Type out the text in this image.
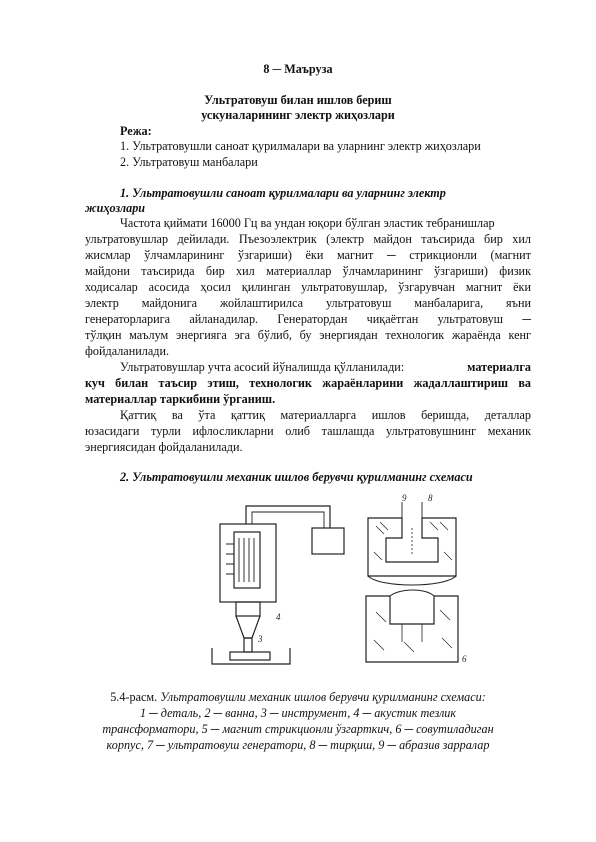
8 ─ Маъруза
Ультратовуш билан ишлов бериш
ускуналарининг электр жиҳозлари
Режа:
1. Ультратовушли саноат қурилмалари ва уларнинг электр жиҳозлари
2. Ультратовуш манбалари
1. Ультратовушли саноат қурилмалари ва уларнинг электр
жиҳозлари
Частота қиймати 16000 Гц ва ундан юқори бўлган эластик тебранишлар
ультратовушлар дейилади. Пъезоэлектрик (электр майдон таъсирида бир хил
жисмлар ўлчамларининг ўзгариши) ёки магнит ─ стрикционли (магнит
майдони таъсирида бир хил материаллар ўлчамларининг ўзгариши) физик
ходисалар асосида ҳосил қилинган ультратовушлар, ўзгарувчан магнит ёки
электр майдонига жойлаштирилса ультратовуш манбаларига, яъни
генераторларига айланадилар. Генератордан чиқаётган ультратовуш ─
тўлқин маълум энергияга эга бўлиб, бу энергиядан технологик жараёнда кенг
фойдаланилади.
Ультратовушлар учта асосий йўналишда қўлланилади:	материалга
куч билан таъсир этиш, технологик жараёнларини жадаллаштириш ва
материаллар таркибини ўрганиш.
Қаттиқ ва ўта қаттиқ материалларга ишлов беришда, деталлар
юзасидаги турли ифлосликларни олиб ташлашда ультратовушнинг механик
энергиясидан фойдаланилади.
2. Ультратовушли механик ишлов берувчи қурилманинг схемаси
4
3
9 8
6
5.4-расм. Ультратовушли механик ишлов берувчи қурилманинг схемаси:
1 ─ деталь, 2 ─ ванна, 3 ─ инструмент, 4 ─ акустик тезлик
трансформатори, 5 ─ магнит стрикционли ўзгарткич, 6 ─ совутиладиган
корпус, 7 ─ ультратовуш генератори, 8 ─ тирқиш, 9 ─ абразив зарралар
